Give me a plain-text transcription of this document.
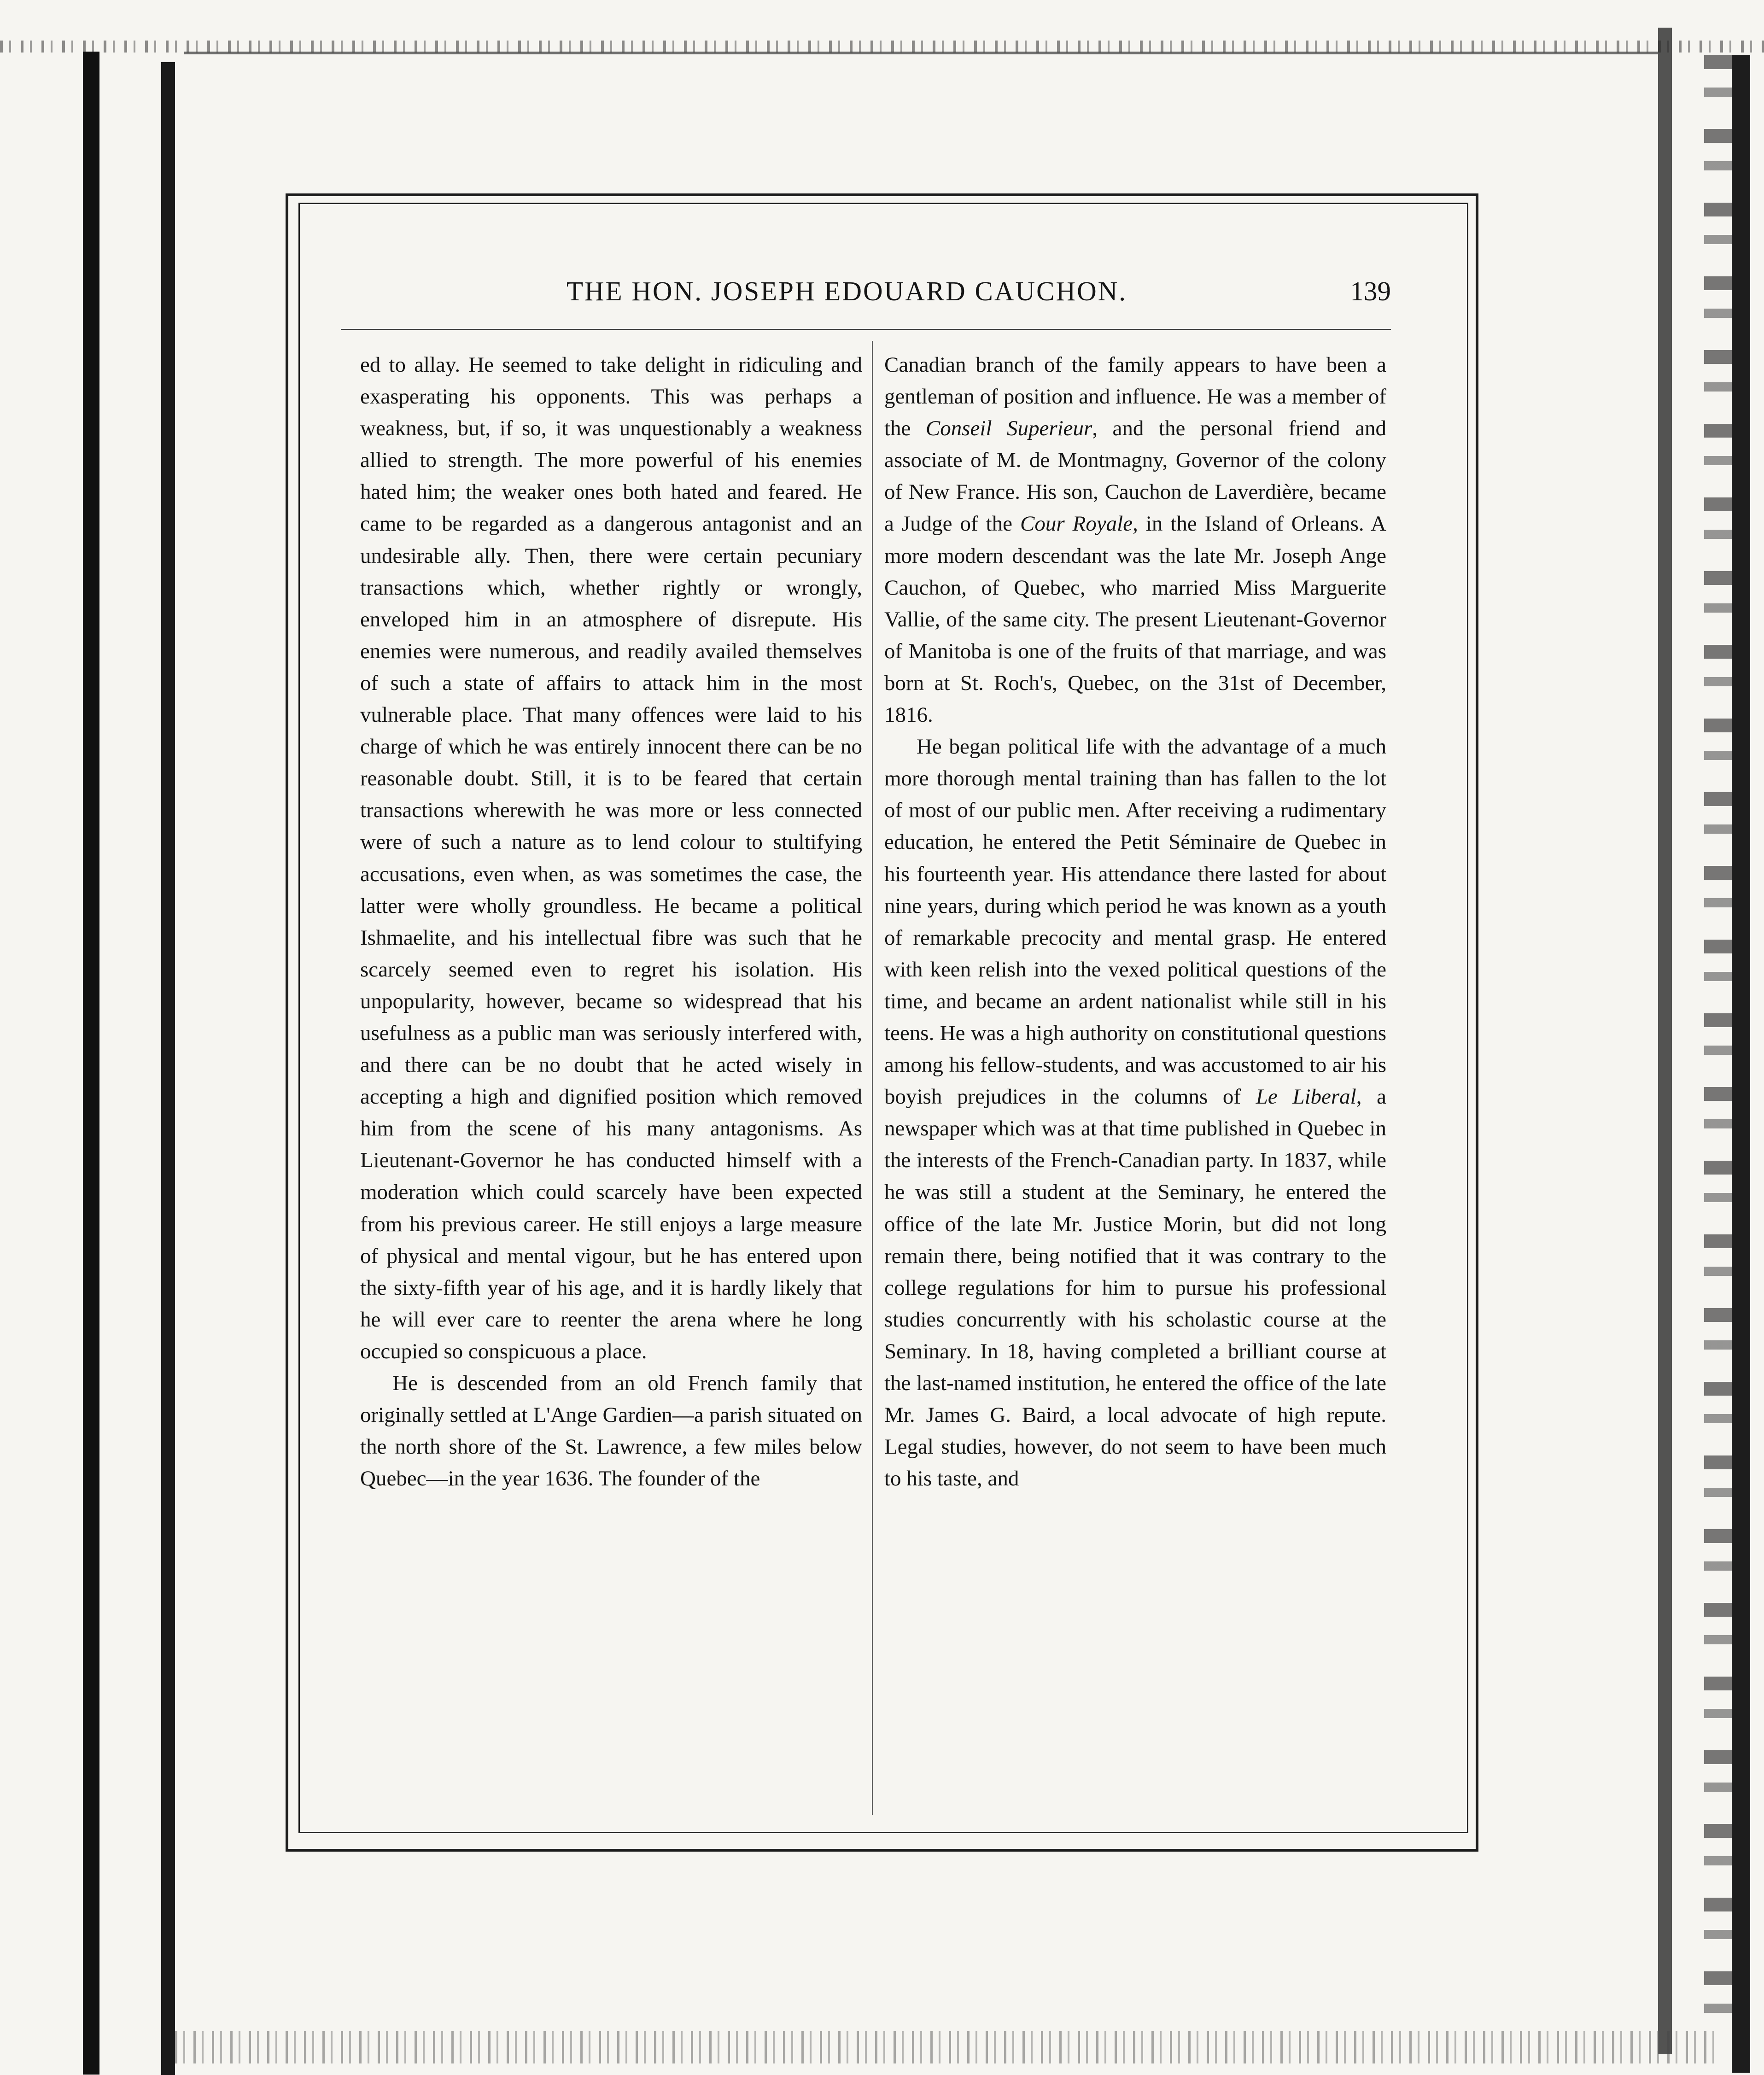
THE HON. JOSEPH EDOUARD CAUCHON.	139

ed to allay. He seemed to take delight in ridiculing and exasperating his opponents. This was perhaps a weakness, but, if so, it was unquestionably a weakness allied to strength. The more powerful of his enemies hated him; the weaker ones both hated and feared. He came to be regarded as a dangerous antagonist and an undesirable ally. Then, there were certain pecuniary transactions which, whether rightly or wrongly, enveloped him in an atmosphere of disrepute. His enemies were numerous, and readily availed themselves of such a state of affairs to attack him in the most vulnerable place. That many offences were laid to his charge of which he was entirely innocent there can be no reasonable doubt. Still, it is to be feared that certain transactions wherewith he was more or less connected were of such a nature as to lend colour to stultifying accusations, even when, as was sometimes the case, the latter were wholly groundless. He became a political Ishmaelite, and his intellectual fibre was such that he scarcely seemed even to regret his isolation. His unpopularity, however, became so widespread that his usefulness as a public man was seriously interfered with, and there can be no doubt that he acted wisely in accepting a high and dignified position which removed him from the scene of his many antagonisms. As Lieutenant-Governor he has conducted himself with a moderation which could scarcely have been expected from his previous career. He still enjoys a large measure of physical and mental vigour, but he has entered upon the sixty-fifth year of his age, and it is hardly likely that he will ever care to reenter the arena where he long occupied so conspicuous a place.

He is descended from an old French family that originally settled at L'Ange Gardien—a parish situated on the north shore of the St. Lawrence, a few miles below Quebec—in the year 1636. The founder of the

Canadian branch of the family appears to have been a gentleman of position and influence. He was a member of the Conseil Superieur, and the personal friend and associate of M. de Montmagny, Governor of the colony of New France. His son, Cauchon de Laverdière, became a Judge of the Cour Royale, in the Island of Orleans. A more modern descendant was the late Mr. Joseph Ange Cauchon, of Quebec, who married Miss Marguerite Vallie, of the same city. The present Lieutenant-Governor of Manitoba is one of the fruits of that marriage, and was born at St. Roch's, Quebec, on the 31st of December, 1816.

He began political life with the advantage of a much more thorough mental training than has fallen to the lot of most of our public men. After receiving a rudimentary education, he entered the Petit Séminaire de Quebec in his fourteenth year. His attendance there lasted for about nine years, during which period he was known as a youth of remarkable precocity and mental grasp. He entered with keen relish into the vexed political questions of the time, and became an ardent nationalist while still in his teens. He was a high authority on constitutional questions among his fellow-students, and was accustomed to air his boyish prejudices in the columns of Le Liberal, a newspaper which was at that time published in Quebec in the interests of the French-Canadian party. In 1837, while he was still a student at the Seminary, he entered the office of the late Mr. Justice Morin, but did not long remain there, being notified that it was contrary to the college regulations for him to pursue his professional studies concurrently with his scholastic course at the Seminary. In 18, having completed a brilliant course at the last-named institution, he entered the office of the late Mr. James G. Baird, a local advocate of high repute. Legal studies, however, do not seem to have been much to his taste, and
